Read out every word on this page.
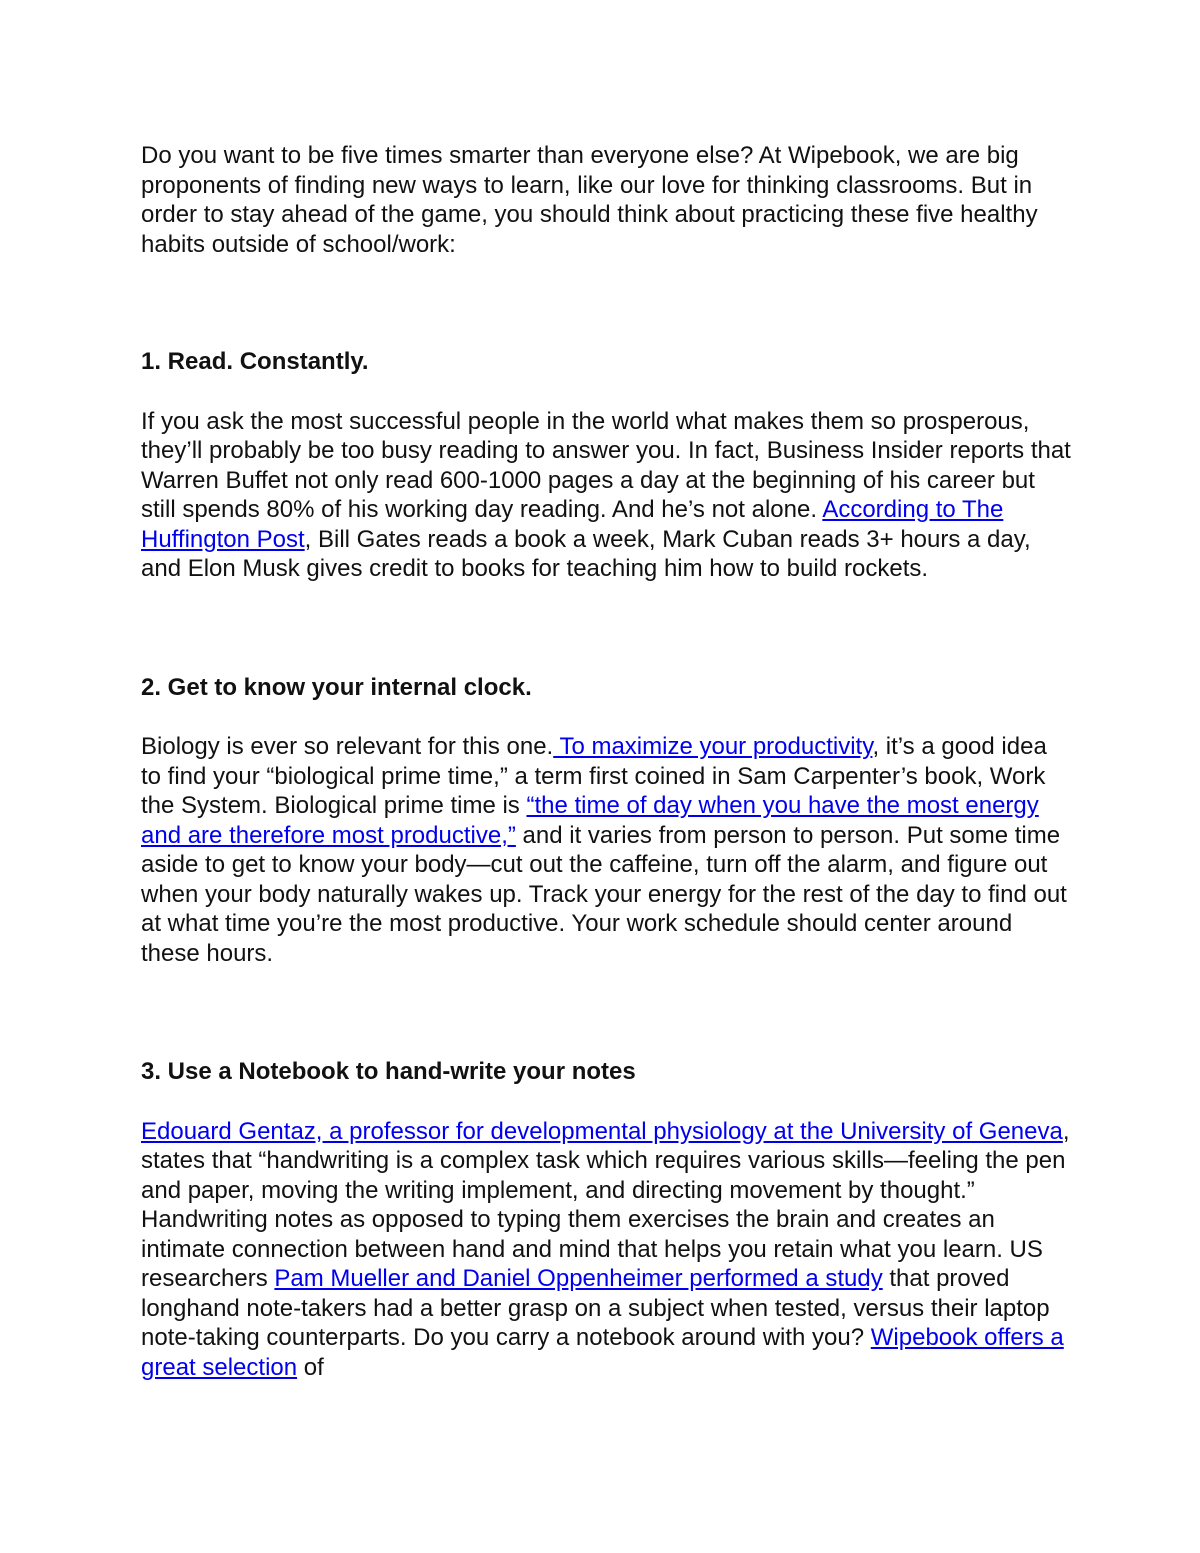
Do you want to be five times smarter than everyone else? At Wipebook, we are big proponents of finding new ways to learn, like our love for thinking classrooms. But in order to stay ahead of the game, you should think about practicing these five healthy habits outside of school/work:

1. Read. Constantly.

If you ask the most successful people in the world what makes them so prosperous, they’ll probably be too busy reading to answer you. In fact, Business Insider reports that Warren Buffet not only read 600-1000 pages a day at the beginning of his career but still spends 80% of his working day reading. And he’s not alone. According to The Huffington Post, Bill Gates reads a book a week, Mark Cuban reads 3+ hours a day, and Elon Musk gives credit to books for teaching him how to build rockets.

2. Get to know your internal clock.

Biology is ever so relevant for this one. To maximize your productivity, it’s a good idea to find your “biological prime time,” a term first coined in Sam Carpenter’s book, Work the System. Biological prime time is “the time of day when you have the most energy and are therefore most productive,” and it varies from person to person. Put some time aside to get to know your body—cut out the caffeine, turn off the alarm, and figure out when your body naturally wakes up. Track your energy for the rest of the day to find out at what time you’re the most productive. Your work schedule should center around these hours.

3. Use a Notebook to hand-write your notes

Edouard Gentaz, a professor for developmental physiology at the University of Geneva, states that “handwriting is a complex task which requires various skills—feeling the pen and paper, moving the writing implement, and directing movement by thought.” Handwriting notes as opposed to typing them exercises the brain and creates an intimate connection between hand and mind that helps you retain what you learn. US researchers Pam Mueller and Daniel Oppenheimer performed a study that proved longhand note-takers had a better grasp on a subject when tested, versus their laptop note-taking counterparts. Do you carry a notebook around with you? Wipebook offers a great selection of
